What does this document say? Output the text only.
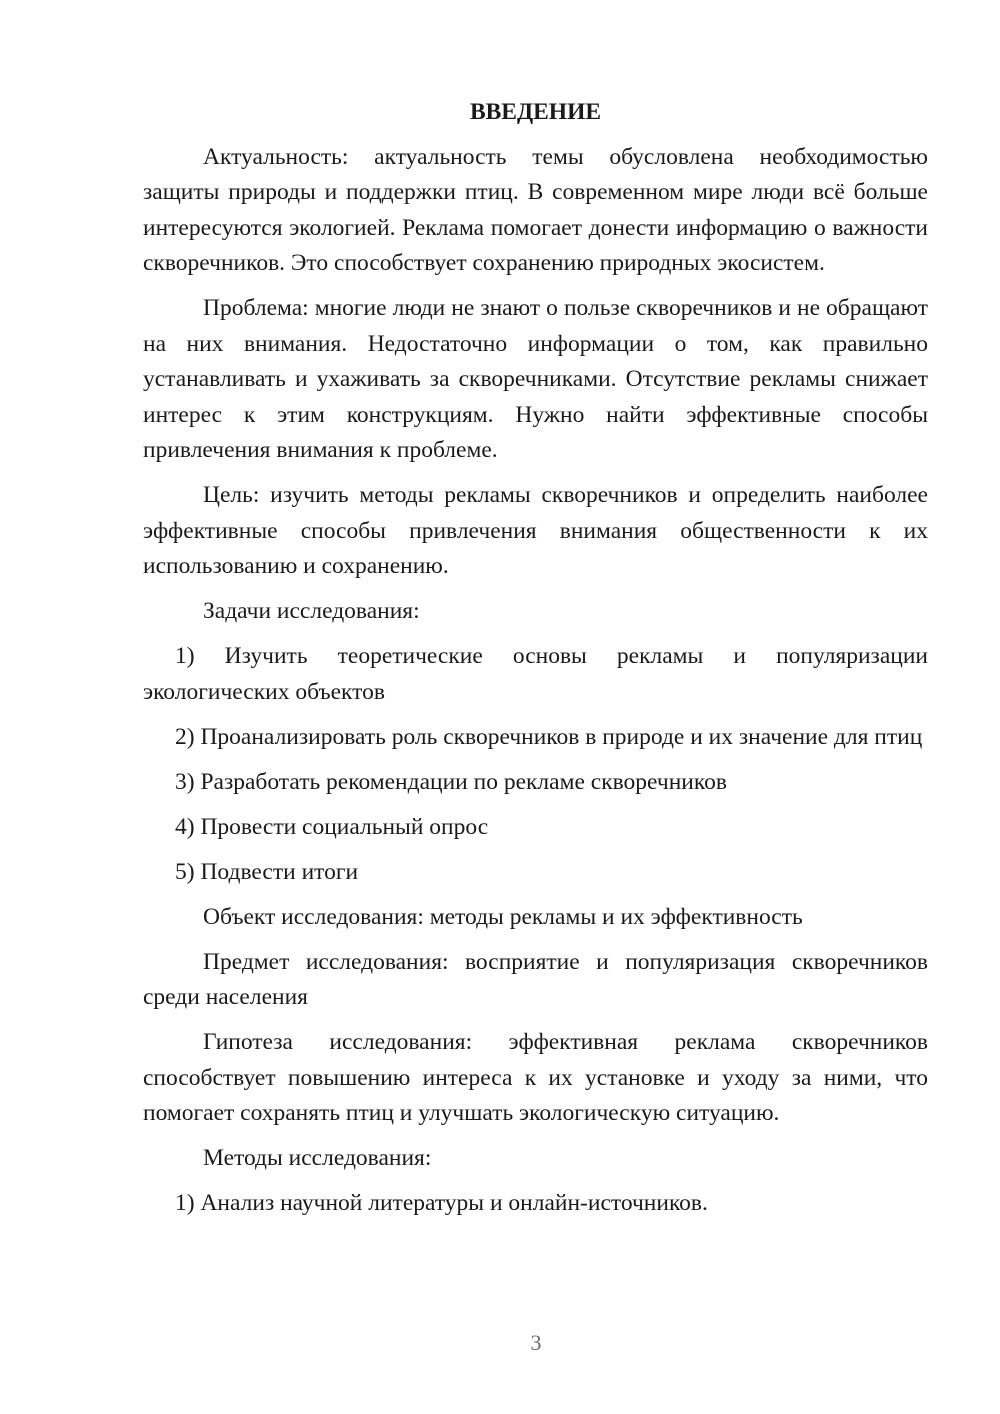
ВВЕДЕНИЕ

Актуальность: актуальность темы обусловлена необходимостью защиты природы и поддержки птиц. В современном мире люди всё больше интересуются экологией. Реклама помогает донести информацию о важности скворечников. Это способствует сохранению природных экосистем.

Проблема: многие люди не знают о пользе скворечников и не обращают на них внимания. Недостаточно информации о том, как правильно устанавливать и ухаживать за скворечниками. Отсутствие рекламы снижает интерес к этим конструкциям. Нужно найти эффективные способы привлечения внимания к проблеме.

Цель: изучить методы рекламы скворечников и определить наиболее эффективные способы привлечения внимания общественности к их использованию и сохранению.

Задачи исследования:

1) Изучить теоретические основы рекламы и популяризации экологических объектов

2) Проанализировать роль скворечников в природе и их значение для птиц

3) Разработать рекомендации по рекламе скворечников

4) Провести социальный опрос

5) Подвести итоги

Объект исследования: методы рекламы и их эффективность

Предмет исследования: восприятие и популяризация скворечников среди населения

Гипотеза исследования: эффективная реклама скворечников способствует повышению интереса к их установке и уходу за ними, что помогает сохранять птиц и улучшать экологическую ситуацию.

Методы исследования:

1) Анализ научной литературы и онлайн-источников.

3
